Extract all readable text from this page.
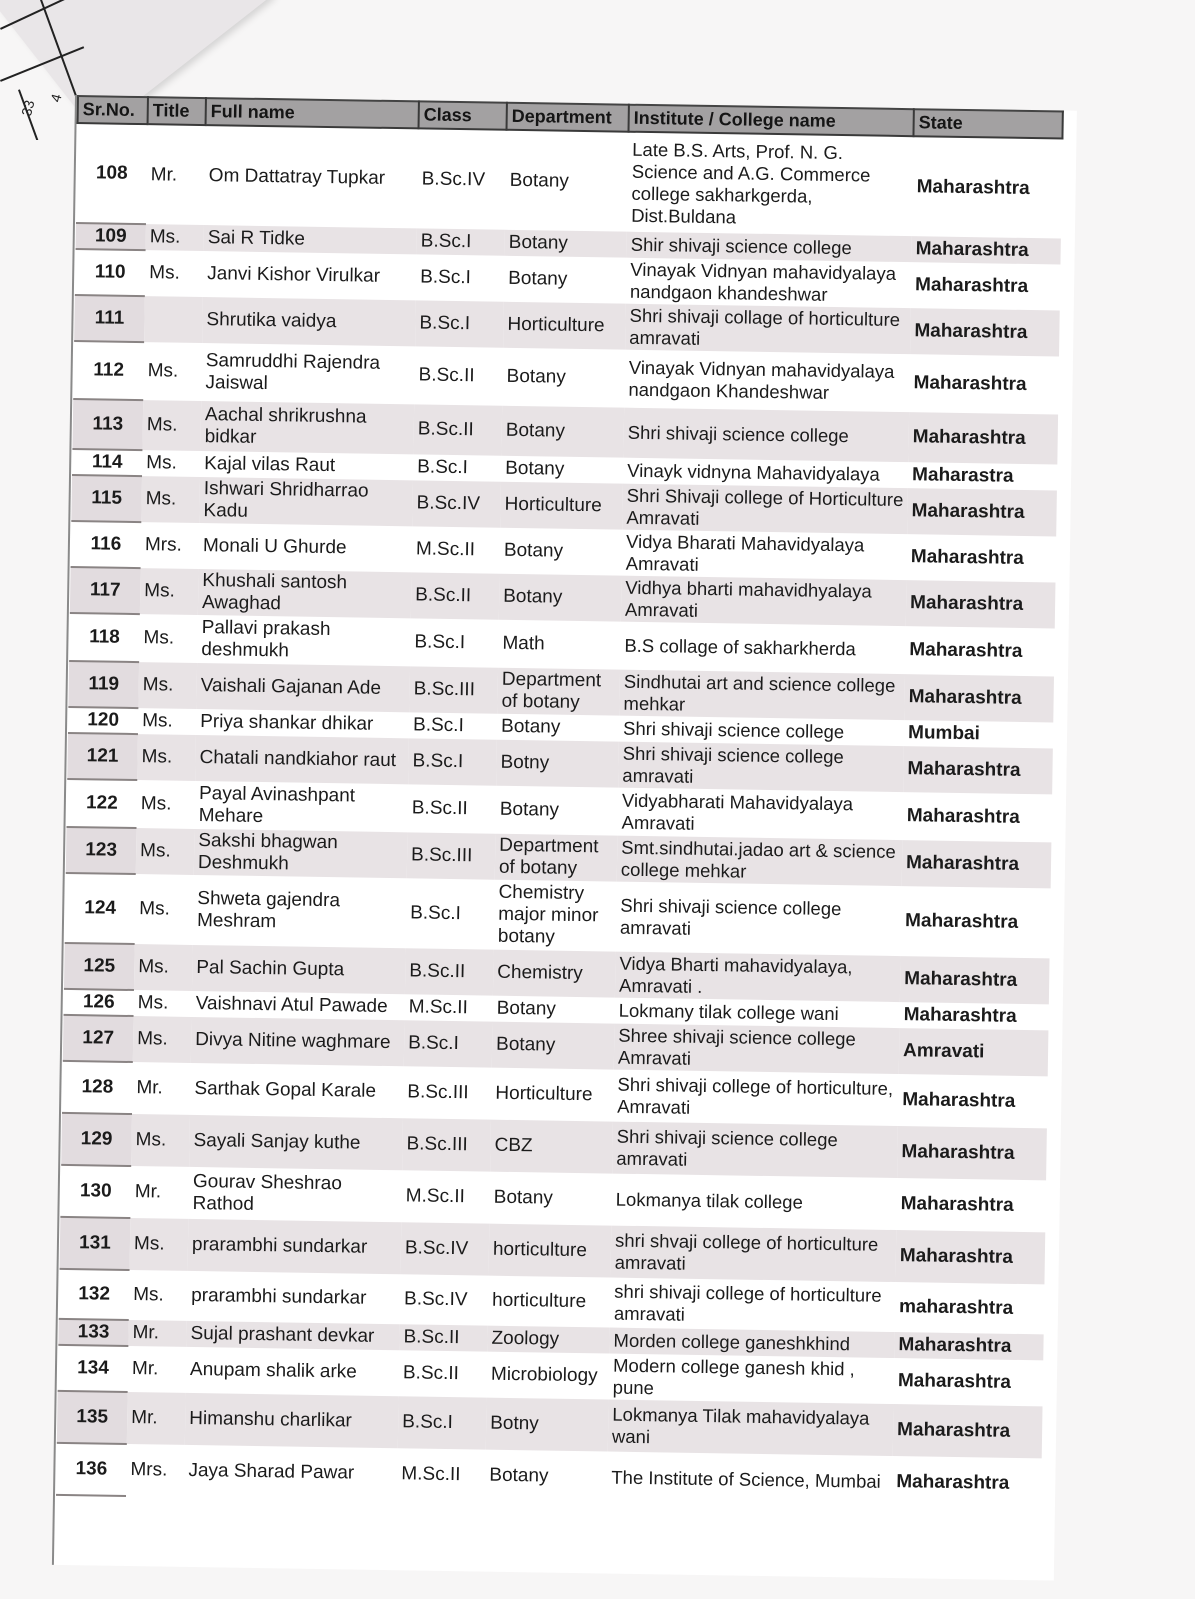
33
4
Sr.No.	Title	Full name	Class	Department	Institute / College name	State
108	Mr.	Om Dattatray Tupkar	B.Sc.IV	Botany	Late B.S. Arts, Prof. N. G. Science and A.G. Commerce college sakharkgerda, Dist.Buldana	Maharashtra
109	Ms.	Sai R Tidke	B.Sc.I	Botany	Shir shivaji science college	Maharashtra
110	Ms.	Janvi Kishor Virulkar	B.Sc.I	Botany	Vinayak Vidnyan mahavidyalaya nandgaon khandeshwar	Maharashtra
111		Shrutika vaidya	B.Sc.I	Horticulture	Shri shivaji collage of horticulture amravati	Maharashtra
112	Ms.	Samruddhi Rajendra Jaiswal	B.Sc.II	Botany	Vinayak Vidnyan mahavidyalaya nandgaon Khandeshwar	Maharashtra
113	Ms.	Aachal shrikrushna bidkar	B.Sc.II	Botany	Shri shivaji science college	Maharashtra
114	Ms.	Kajal vilas Raut	B.Sc.I	Botany	Vinayk vidnyna Mahavidyalaya	Maharastra
115	Ms.	Ishwari Shridharrao Kadu	B.Sc.IV	Horticulture	Shri Shivaji college of Horticulture Amravati	Maharashtra
116	Mrs.	Monali U Ghurde	M.Sc.II	Botany	Vidya Bharati Mahavidyalaya Amravati	Maharashtra
117	Ms.	Khushali santosh Awaghad	B.Sc.II	Botany	Vidhya bharti mahavidhyalaya Amravati	Maharashtra
118	Ms.	Pallavi prakash deshmukh	B.Sc.I	Math	B.S collage of sakharkherda	Maharashtra
119	Ms.	Vaishali Gajanan Ade	B.Sc.III	Department of botany	Sindhutai art and science college mehkar	Maharashtra
120	Ms.	Priya shankar dhikar	B.Sc.I	Botany	Shri shivaji science college	Mumbai
121	Ms.	Chatali nandkiahor raut	B.Sc.I	Botny	Shri shivaji science college amravati	Maharashtra
122	Ms.	Payal Avinashpant Mehare	B.Sc.II	Botany	Vidyabharati Mahavidyalaya Amravati	Maharashtra
123	Ms.	Sakshi bhagwan Deshmukh	B.Sc.III	Department of botany	Smt.sindhutai.jadao art & science college mehkar	Maharashtra
124	Ms.	Shweta gajendra Meshram	B.Sc.I	Chemistry major minor botany	Shri shivaji science college amravati	Maharashtra
125	Ms.	Pal Sachin Gupta	B.Sc.II	Chemistry	Vidya Bharti mahavidyalaya, Amravati .	Maharashtra
126	Ms.	Vaishnavi Atul Pawade	M.Sc.II	Botany	Lokmany tilak college wani	Maharashtra
127	Ms.	Divya Nitine waghmare	B.Sc.I	Botany	Shree shivaji science college Amravati	Amravati
128	Mr.	Sarthak Gopal Karale	B.Sc.III	Horticulture	Shri shivaji college of horticulture, Amravati	Maharashtra
129	Ms.	Sayali Sanjay kuthe	B.Sc.III	CBZ	Shri shivaji science college amravati	Maharashtra
130	Mr.	Gourav Sheshrao Rathod	M.Sc.II	Botany	Lokmanya tilak college	Maharashtra
131	Ms.	prarambhi sundarkar	B.Sc.IV	horticulture	shri shvaji college of horticulture amravati	Maharashtra
132	Ms.	prarambhi sundarkar	B.Sc.IV	horticulture	shri shivaji college of horticulture amravati	maharashtra
133	Mr.	Sujal prashant devkar	B.Sc.II	Zoology	Morden college ganeshkhind	Maharashtra
134	Mr.	Anupam shalik arke	B.Sc.II	Microbiology	Modern college ganesh khid , pune	Maharashtra
135	Mr.	Himanshu charlikar	B.Sc.I	Botny	Lokmanya Tilak mahavidyalaya wani	Maharashtra
136	Mrs.	Jaya Sharad Pawar	M.Sc.II	Botany	The Institute of Science, Mumbai	Maharashtra
